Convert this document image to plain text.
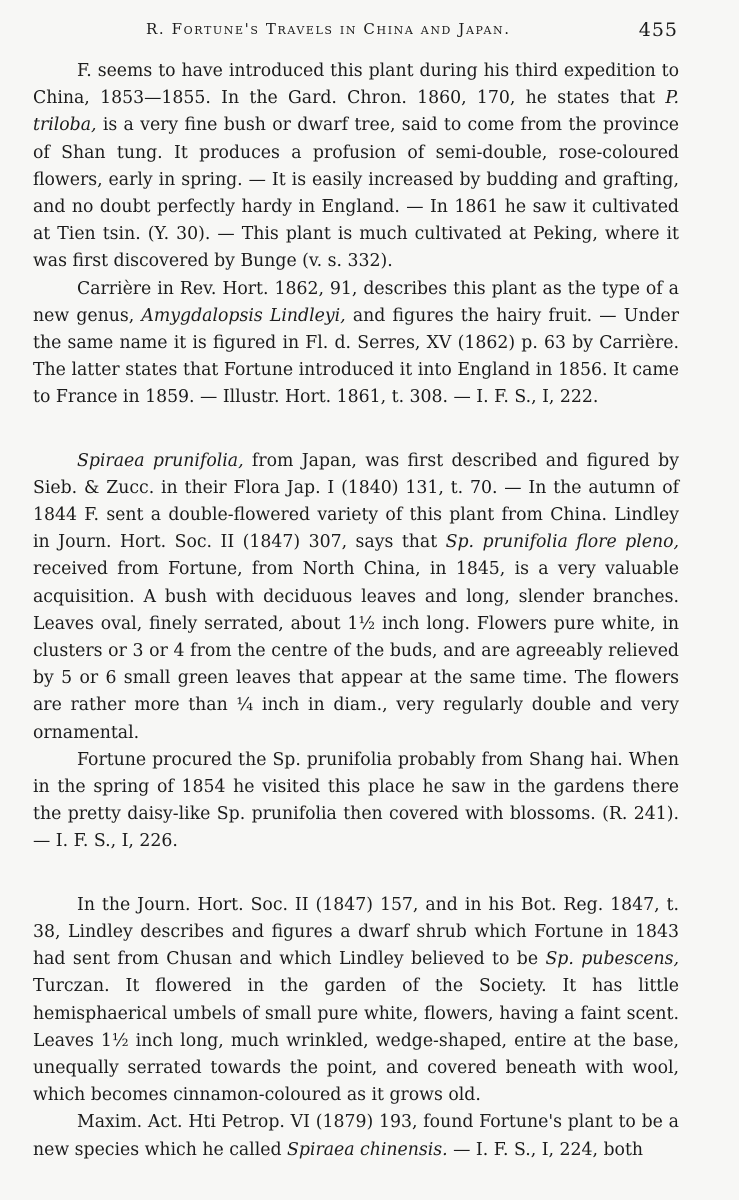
R. Fortune's Travels in China and Japan.	455

F. seems to have introduced this plant during his third expedition to China, 1853—1855. In the Gard. Chron. 1860, 170, he states that P. triloba, is a very fine bush or dwarf tree, said to come from the province of Shan tung. It produces a profusion of semi-double, rose-coloured flowers, early in spring. — It is easily increased by budding and grafting, and no doubt perfectly hardy in England. — In 1861 he saw it cultivated at Tien tsin. (Y. 30). — This plant is much cultivated at Peking, where it was first discovered by Bunge (v. s. 332).

Carrière in Rev. Hort. 1862, 91, describes this plant as the type of a new genus, Amygdalopsis Lindleyi, and figures the hairy fruit. — Under the same name it is figured in Fl. d. Serres, XV (1862) p. 63 by Carrière. The latter states that Fortune introduced it into England in 1856. It came to France in 1859. — Illustr. Hort. 1861, t. 308. — I. F. S., I, 222.

Spiraea prunifolia, from Japan, was first described and figured by Sieb. & Zucc. in their Flora Jap. I (1840) 131, t. 70. — In the autumn of 1844 F. sent a double-flowered variety of this plant from China. Lindley in Journ. Hort. Soc. II (1847) 307, says that Sp. prunifolia flore pleno, received from Fortune, from North China, in 1845, is a very valuable acquisition. A bush with deciduous leaves and long, slender branches. Leaves oval, finely serrated, about 1½ inch long. Flowers pure white, in clusters or 3 or 4 from the centre of the buds, and are agreeably relieved by 5 or 6 small green leaves that appear at the same time. The flowers are rather more than ¼ inch in diam., very regularly double and very ornamental.

Fortune procured the Sp. prunifolia probably from Shang hai. When in the spring of 1854 he visited this place he saw in the gardens there the pretty daisy-like Sp. prunifolia then covered with blossoms. (R. 241). — I. F. S., I, 226.

In the Journ. Hort. Soc. II (1847) 157, and in his Bot. Reg. 1847, t. 38, Lindley describes and figures a dwarf shrub which Fortune in 1843 had sent from Chusan and which Lindley believed to be Sp. pubescens, Turczan. It flowered in the garden of the Society. It has little hemisphaerical umbels of small pure white, flowers, having a faint scent. Leaves 1½ inch long, much wrinkled, wedge-shaped, entire at the base, unequally serrated towards the point, and covered beneath with wool, which becomes cinnamon-coloured as it grows old.

Maxim. Act. Hti Petrop. VI (1879) 193, found Fortune's plant to be a new species which he called Spiraea chinensis. — I. F. S., I, 224, both
